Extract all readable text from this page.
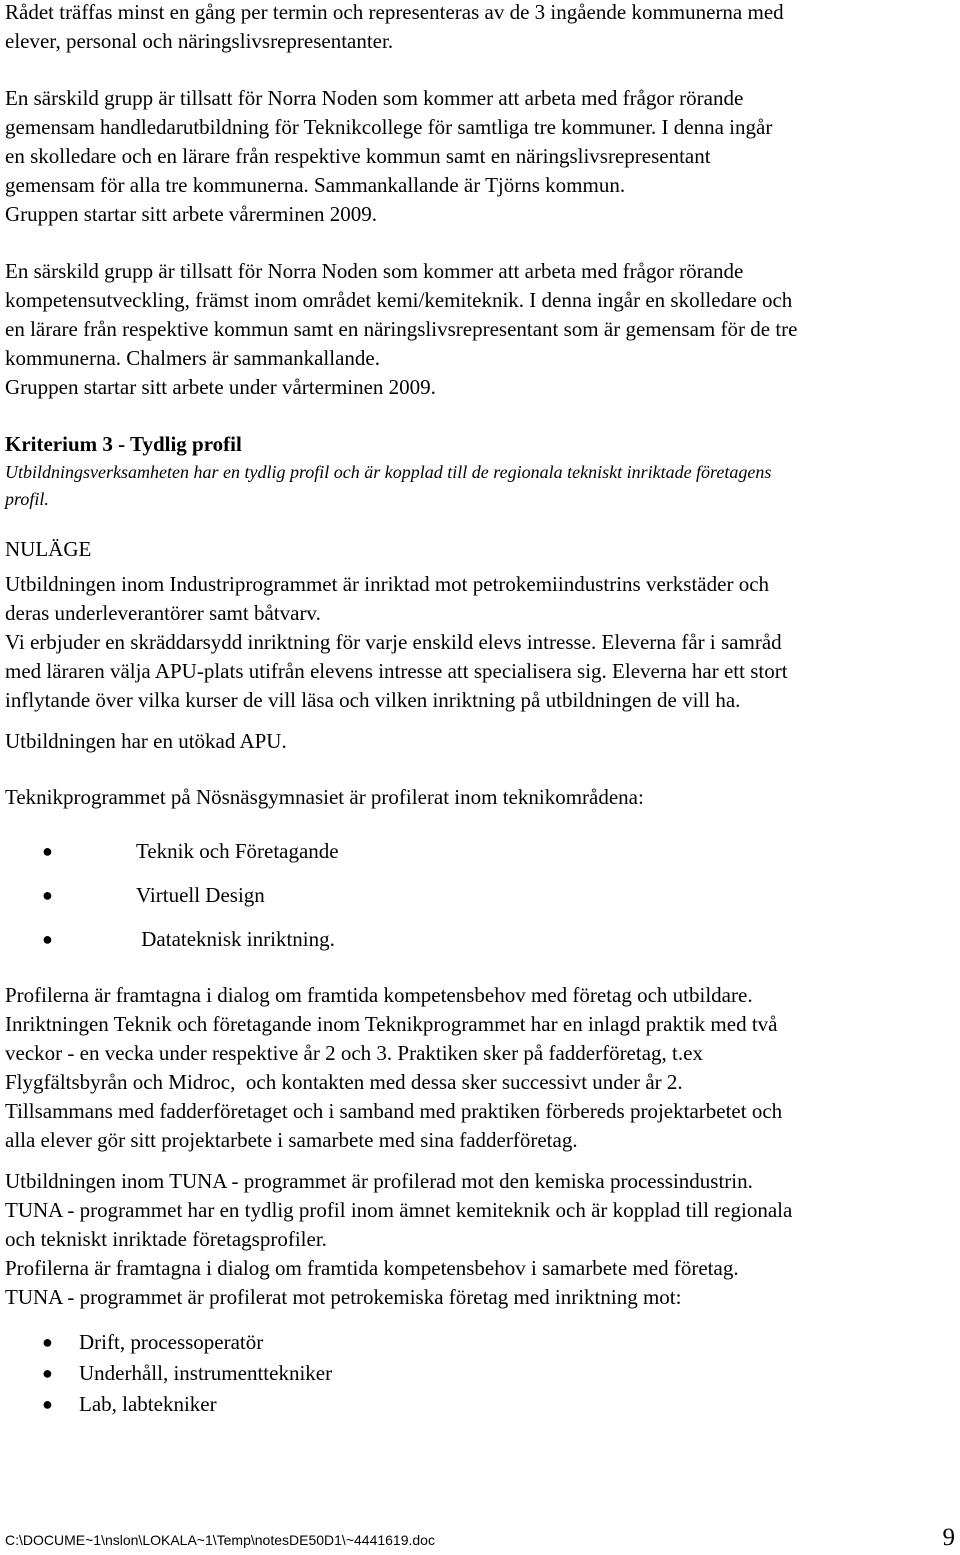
Rådet träffas minst en gång per termin och representeras av de 3 ingående kommunerna med
elever, personal och näringslivsrepresentanter.

En särskild grupp är tillsatt för Norra Noden som kommer att arbeta med frågor rörande
gemensam handledarutbildning för Teknikcollege för samtliga tre kommuner. I denna ingår
en skolledare och en lärare från respektive kommun samt en näringslivsrepresentant
gemensam för alla tre kommunerna. Sammankallande är Tjörns kommun.
Gruppen startar sitt arbete vårerminen 2009.

En särskild grupp är tillsatt för Norra Noden som kommer att arbeta med frågor rörande
kompetensutveckling, främst inom området kemi/kemiteknik. I denna ingår en skolledare och
en lärare från respektive kommun samt en näringslivsrepresentant som är gemensam för de tre
kommunerna. Chalmers är sammankallande.
Gruppen startar sitt arbete under vårterminen 2009.

Kriterium 3 - Tydlig profil

Utbildningsverksamheten har en tydlig profil och är kopplad till de regionala tekniskt inriktade företagens
profil.

NULÄGE

Utbildningen inom Industriprogrammet är inriktad mot petrokemiindustrins verkstäder och
deras underleverantörer samt båtvarv.
Vi erbjuder en skräddarsydd inriktning för varje enskild elevs intresse. Eleverna får i samråd
med läraren välja APU-plats utifrån elevens intresse att specialisera sig. Eleverna har ett stort
inflytande över vilka kurser de vill läsa och vilken inriktning på utbildningen de vill ha.

Utbildningen har en utökad APU.

Teknikprogrammet på Nösnäsgymnasiet är profilerat inom teknikområdena:

●	Teknik och Företagande
●	Virtuell Design
●	Datateknisk inriktning.

Profilerna är framtagna i dialog om framtida kompetensbehov med företag och utbildare.
Inriktningen Teknik och företagande inom Teknikprogrammet har en inlagd praktik med två
veckor - en vecka under respektive år 2 och 3. Praktiken sker på fadderföretag, t.ex
Flygfältsbyrån och Midroc,  och kontakten med dessa sker successivt under år 2.
Tillsammans med fadderföretaget och i samband med praktiken förbereds projektarbetet och
alla elever gör sitt projektarbete i samarbete med sina fadderföretag.

Utbildningen inom TUNA - programmet är profilerad mot den kemiska processindustrin.
TUNA - programmet har en tydlig profil inom ämnet kemiteknik och är kopplad till regionala
och tekniskt inriktade företagsprofiler.
Profilerna är framtagna i dialog om framtida kompetensbehov i samarbete med företag.
TUNA - programmet är profilerat mot petrokemiska företag med inriktning mot:

● Drift, processoperatör
● Underhåll, instrumenttekniker
● Lab, labtekniker
C:\DOCUME~1\nslon\LOKALA~1\Temp\notesDE50D1\~4441619.doc	9
